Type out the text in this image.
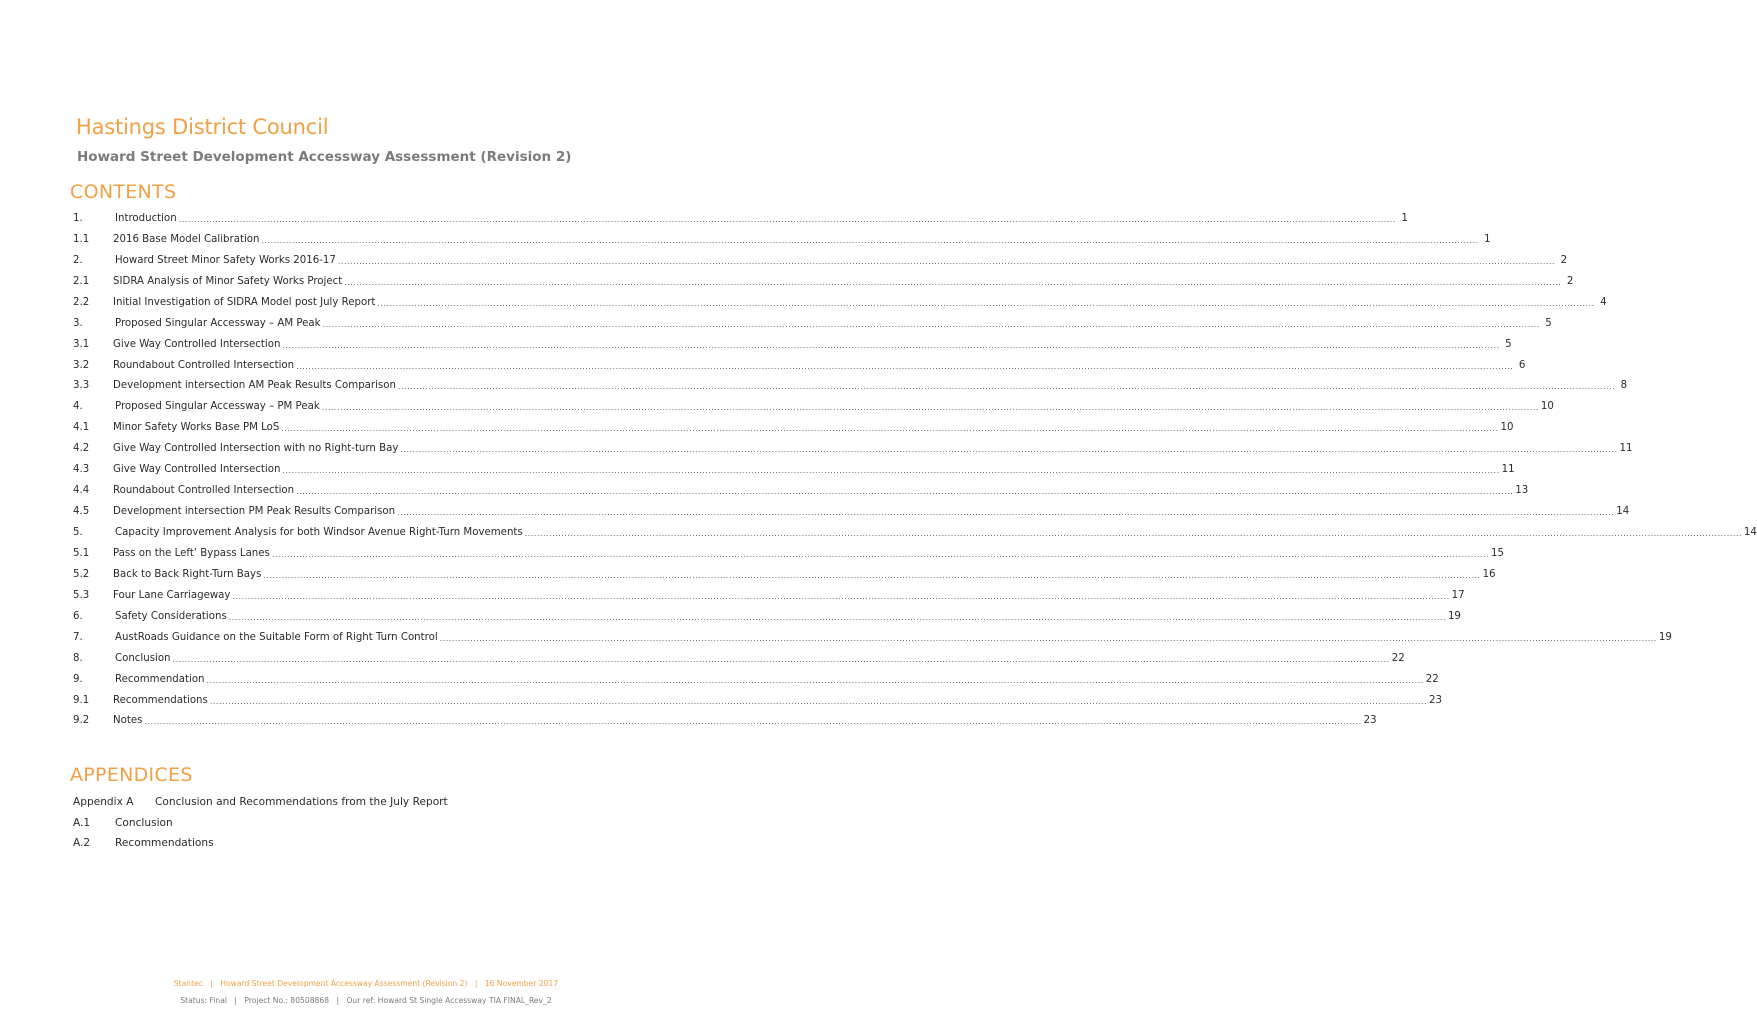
Hastings District Council
Howard Street Development Accessway Assessment (Revision 2)
CONTENTS
1.	Introduction ................................................................................................................................................................................................................................................................................................................................................................................................................ 1
1.1	2016 Base Model Calibration ................................................................................................................................................................................................................................................................................................................................................................................................................ 1
2.	Howard Street Minor Safety Works 2016-17 ................................................................................................................................................................................................................................................................................................................................................................................................................ 2
2.1	SIDRA Analysis of Minor Safety Works Project ................................................................................................................................................................................................................................................................................................................................................................................................................ 2
2.2	Initial Investigation of SIDRA Model post July Report ................................................................................................................................................................................................................................................................................................................................................................................................................ 4
3.	Proposed Singular Accessway – AM Peak ................................................................................................................................................................................................................................................................................................................................................................................................................ 5
3.1	Give Way Controlled Intersection ................................................................................................................................................................................................................................................................................................................................................................................................................ 5
3.2	Roundabout Controlled Intersection ................................................................................................................................................................................................................................................................................................................................................................................................................ 6
3.3	Development intersection AM Peak Results Comparison ................................................................................................................................................................................................................................................................................................................................................................................................................ 8
4.	Proposed Singular Accessway – PM Peak ................................................................................................................................................................................................................................................................................................................................................................................................................ 10
4.1	Minor Safety Works Base PM LoS ................................................................................................................................................................................................................................................................................................................................................................................................................ 10
4.2	Give Way Controlled Intersection with no Right-turn Bay ................................................................................................................................................................................................................................................................................................................................................................................................................ 11
4.3	Give Way Controlled Intersection ................................................................................................................................................................................................................................................................................................................................................................................................................ 11
4.4	Roundabout Controlled Intersection ................................................................................................................................................................................................................................................................................................................................................................................................................ 13
4.5	Development intersection PM Peak Results Comparison ................................................................................................................................................................................................................................................................................................................................................................................................................ 14
5.	Capacity Improvement Analysis for both Windsor Avenue Right-Turn Movements ................................................................................................................................................................................................................................................................................................................................................................................................................ 14
5.1	Pass on the Left’ Bypass Lanes ................................................................................................................................................................................................................................................................................................................................................................................................................ 15
5.2	Back to Back Right-Turn Bays ................................................................................................................................................................................................................................................................................................................................................................................................................ 16
5.3	Four Lane Carriageway ................................................................................................................................................................................................................................................................................................................................................................................................................ 17
6.	Safety Considerations ................................................................................................................................................................................................................................................................................................................................................................................................................ 19
7.	AustRoads Guidance on the Suitable Form of Right Turn Control ................................................................................................................................................................................................................................................................................................................................................................................................................ 19
8.	Conclusion ................................................................................................................................................................................................................................................................................................................................................................................................................ 22
9.	Recommendation ................................................................................................................................................................................................................................................................................................................................................................................................................ 22
9.1	Recommendations ................................................................................................................................................................................................................................................................................................................................................................................................................ 23
9.2	Notes ................................................................................................................................................................................................................................................................................................................................................................................................................ 23
APPENDICES
Appendix A	Conclusion and Recommendations from the July Report
A.1	Conclusion
A.2	Recommendations
Stantec | Howard Street Development Accessway Assessment (Revision 2) | 16 November 2017
Status: Final | Project No.: 80508868 | Our ref: Howard St Single Accessway TIA FINAL_Rev_2
